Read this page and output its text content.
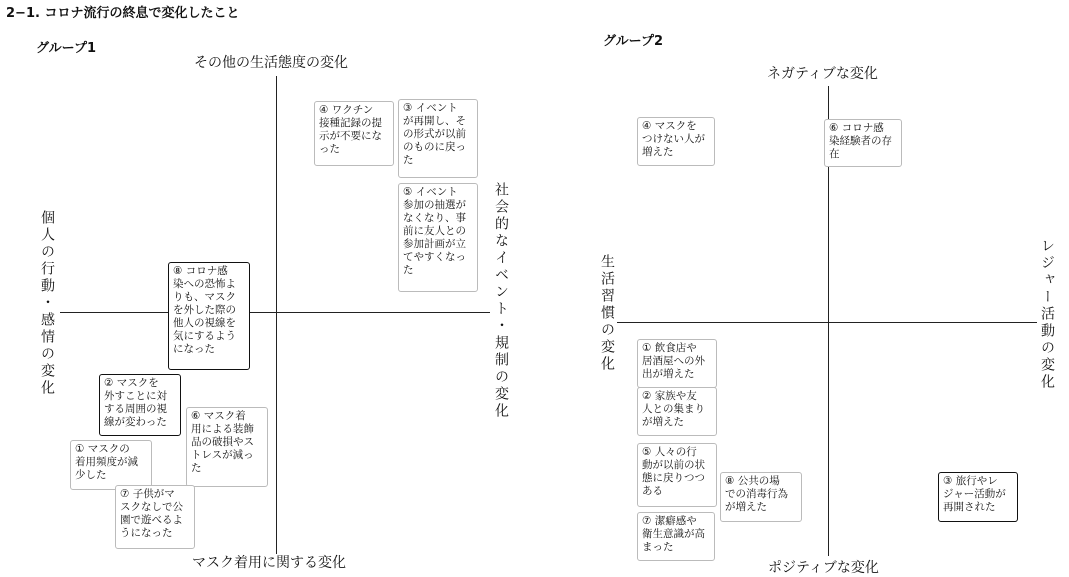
2−1. コロナ流行の終息で変化したこと
グループ1
その他の生活態度の変化
マスク着用に関する変化
個人の行動・感情の変化	社会的なイベント・規制の変化
④ ワクチン
接種記録の提
示が不要にな
った
③ イベント
が再開し、そ
の形式が以前
のものに戻っ
た
⑤ イベント
参加の抽選が
なくなり、事
前に友人との
参加計画が立
てやすくなっ
た
⑧ コロナ感
染への恐怖よ
りも、マスク
を外した際の
他人の視線を
気にするよう
になった
② マスクを
外すことに対
する周囲の視
線が変わった	⑥ マスク着
用による装飾
品の破損やス
トレスが減っ
た
① マスクの
着用頻度が減
少した
⑦ 子供がマ
スクなしで公
園で遊べるよ
うになった
グループ2
ネガティブな変化
ポジティブな変化
生活習慣の変化	レジャー活動の変化
④ マスクを
つけない人が
増えた
⑥ コロナ感
染経験者の存
在
① 飲食店や
居酒屋への外
出が増えた
② 家族や友
人との集まり
が増えた
⑤ 人々の行
動が以前の状
態に戻りつつ
ある
⑧ 公共の場
での消毒行為
が増えた
⑦ 潔癖感や
衛生意識が高
まった
③ 旅行やレ
ジャー活動が
再開された
